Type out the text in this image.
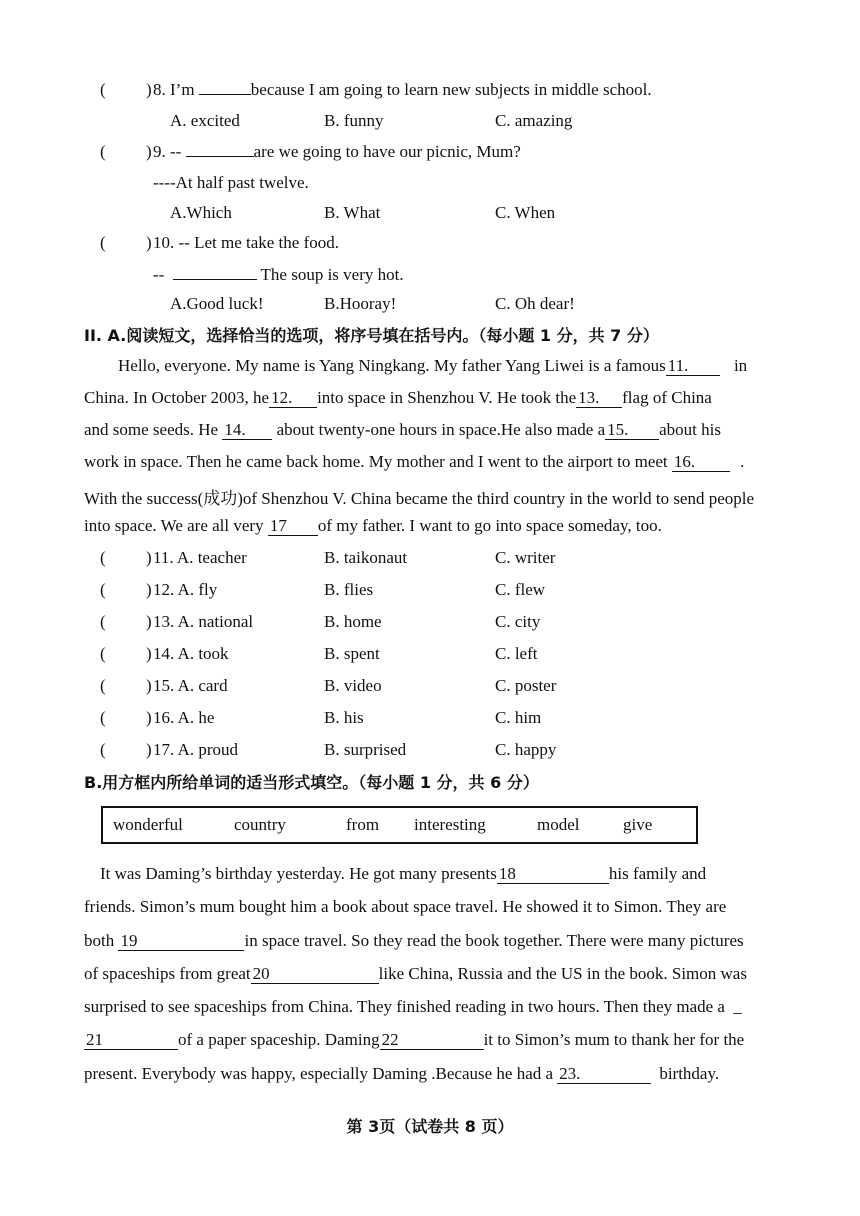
( ) 8. I’m	because I am going to learn new subjects in middle school.
A. excited	B. funny	C. amazing
( ) 9. --	are we going to have our picnic, Mum?
----At half past twelve.
A.Which	B. What	C. When
( ) 10. -- Let me take the food.
--	The soup is very hot.
A.Good luck!	B.Hooray!	C. Oh dear!
II. A.阅读短文，选择恰当的选项，将序号填在括号内。（每小题 1 分，共 7 分）
Hello, everyone. My name is Yang Ningkang. My father Yang Liwei is a famous 11.	in
China. In October 2003, he 12. into space in Shenzhou V. He took the 13. flag of China
and some seeds. He 14. about twenty-one hours in space.He also made a 15. about his
work in space. Then he came back home. My mother and I went to the airport to meet 16.	.
With the success(成功)of Shenzhou V. China became the third country in the world to send people
into space. We are all very 17 of my father. I want to go into space someday, too.
( ) 11. A. teacher	B. taikonaut	C. writer
( ) 12. A. fly	B. flies	C. flew
( ) 13. A. national	B. home	C. city
( ) 14. A. took	B. spent	C. left
( ) 15. A. card	B. video	C. poster
( ) 16. A. he	B. his	C. him
( ) 17. A. proud	B. surprised	C. happy
B.用方框内所给单词的适当形式填空。（每小题 1 分，共 6 分）
wonderful	country	from interesting	model	give
It was Daming’s birthday yesterday. He got many presents 18	his family and
friends. Simon’s mum bought him a book about space travel. He showed it to Simon. They are
both 19	in space travel. So they read the book together. There were many pictures
of spaceships from great 20	like China, Russia and the US in the book. Simon was
surprised to see spaceships from China. They finished reading in two hours. Then they made a _
21	of a paper spaceship. Daming 22	it to Simon’s mum to thank her for the
present. Everybody was happy, especially Daming .Because he had a 23.	birthday.
第 3页（试卷共 8 页）
